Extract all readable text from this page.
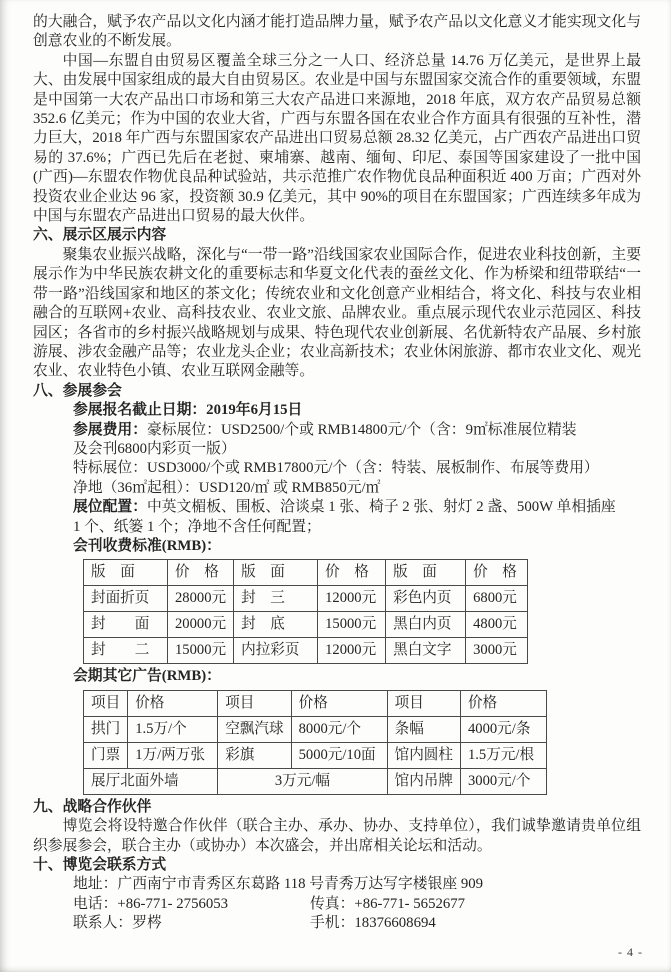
的大融合，赋予农产品以文化内涵才能打造品牌力量，赋予农产品以文化意义才能实现文化与创意农业的不断发展。

中国—东盟自由贸易区覆盖全球三分之一人口、经济总量 14.76 万亿美元，是世界上最大、由发展中国家组成的最大自由贸易区。农业是中国与东盟国家交流合作的重要领域，东盟是中国第一大农产品出口市场和第三大农产品进口来源地，2018 年底，双方农产品贸易总额 352.6 亿美元；作为中国的农业大省，广西与东盟各国在农业合作方面具有很强的互补性，潜力巨大，2018 年广西与东盟国家农产品进出口贸易总额 28.32 亿美元，占广西农产品进出口贸易的 37.6%；广西已先后在老挝、柬埔寨、越南、缅甸、印尼、泰国等国家建设了一批中国(广西)—东盟农作物优良品种试验站，共示范推广农作物优良品种面积近 400 万亩；广西对外投资农业企业达 96 家，投资额 30.9 亿美元，其中 90%的项目在东盟国家；广西连续多年成为中国与东盟农产品进出口贸易的最大伙伴。

六、展示区展示内容

聚集农业振兴战略，深化与“一带一路”沿线国家农业国际合作，促进农业科技创新，主要展示作为中华民族农耕文化的重要标志和华夏文化代表的蚕丝文化、作为桥梁和纽带联结“一带一路”沿线国家和地区的茶文化；传统农业和文化创意产业相结合，将文化、科技与农业相融合的互联网+农业、高科技农业、农业文旅、品牌农业。重点展示现代农业示范园区、科技园区；各省市的乡村振兴战略规划与成果、特色现代农业创新展、名优新特农产品展、乡村旅游展、涉农金融产品等；农业龙头企业；农业高新技术；农业休闲旅游、都市农业文化、观光农业、农业特色小镇、农业互联网金融等。

八、参展参会

参展报名截止日期：2019年6月15日
参展费用：豪标展位：USD2500/个或 RMB14800元/个（含：9㎡标准展位精装
及会刊6800内彩页一版）
特标展位：USD3000/个或 RMB17800元/个（含：特装、展板制作、布展等费用）
净地（36㎡起租）：USD120/㎡ 或 RMB850元/㎡
展位配置：中英文楣板、围板、洽谈桌 1 张、椅子 2 张、射灯 2 盏、500W 单相插座
1 个、纸篓 1 个；净地不含任何配置；
会刊收费标准(RMB)：
版　面	价　格	版　面	价　格	版　面	价　格
封面折页	28000元	封　三	12000元	彩色内页	6800元
封　　面	20000元	封　底	15000元	黑白内页	4800元
封　　二	15000元	内拉彩页	12000元	黑白文字	3000元
会期其它广告(RMB)：
项目	价格	项目	价格	项目	价格
拱门	1.5万/个	空飘汽球	8000元/个	条幅	4000元/条
门票	1万/两万张	彩旗	5000元/10面	馆内圆柱	1.5万元/根
展厅北面外墙		3万元/幅		馆内吊牌	3000元/个

九、战略合作伙伴

博览会将设特邀合作伙伴（联合主办、承办、协办、支持单位），我们诚挚邀请贵单位组织参展参会，联合主办（或协办）本次盛会，并出席相关论坛和活动。

十、博览会联系方式

地址：广西南宁市青秀区东葛路 118 号青秀万达写字楼银座 909
电话：+86-771- 2756053	传真：+86-771- 5652677
联系人：罗梣	手机：18376608694
- 4 -
